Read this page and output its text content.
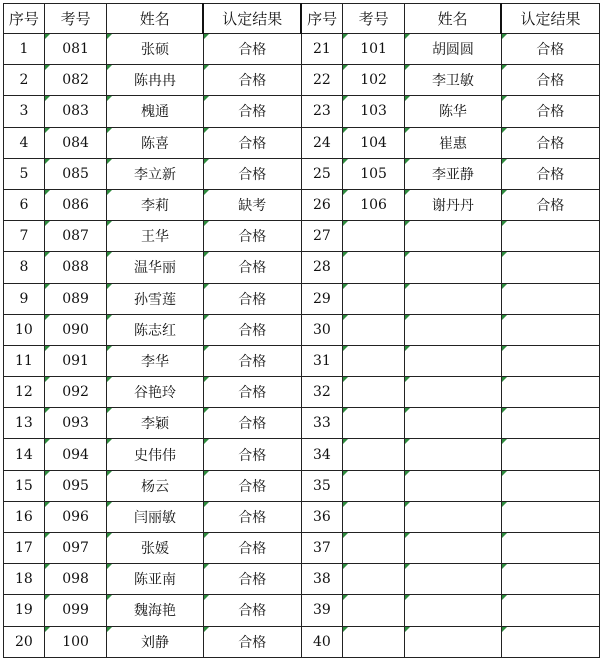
序号	考号	姓名	认定结果	序号	考号	姓名	认定结果
1	081	张硕	合格	21	101	胡圆圆	合格
2	082	陈冉冉	合格	22	102	李卫敏	合格
3	083	槐通	合格	23	103	陈华	合格
4	084	陈喜	合格	24	104	崔惠	合格
5	085	李立新	合格	25	105	李亚静	合格
6	086	李莉	缺考	26	106	谢丹丹	合格
7	087	王华	合格	27			
8	088	温华丽	合格	28			
9	089	孙雪莲	合格	29			
10	090	陈志红	合格	30			
11	091	李华	合格	31			
12	092	谷艳玲	合格	32			
13	093	李颖	合格	33			
14	094	史伟伟	合格	34			
15	095	杨云	合格	35			
16	096	闫丽敏	合格	36			
17	097	张媛	合格	37			
18	098	陈亚南	合格	38			
19	099	魏海艳	合格	39			
20	100	刘静	合格	40			
